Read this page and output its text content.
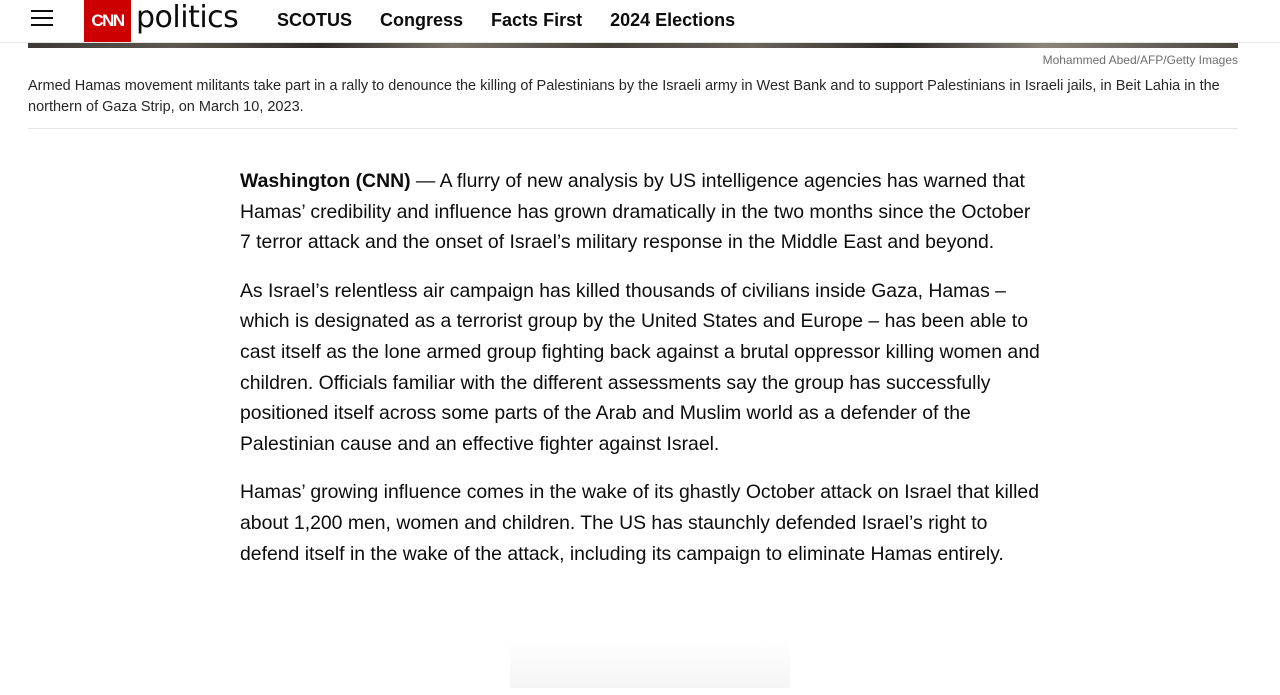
CNN politics SCOTUS Congress Facts First 2024 Elections
Mohammed Abed/AFP/Getty Images
Armed Hamas movement militants take part in a rally to denounce the killing of Palestinians by the Israeli army in West Bank and to support Palestinians in Israeli jails, in Beit Lahia in the northern of Gaza Strip, on March 10, 2023.

Washington (CNN) — A flurry of new analysis by US intelligence agencies has warned that Hamas’ credibility and influence has grown dramatically in the two months since the October 7 terror attack and the onset of Israel’s military response in the Middle East and beyond.

As Israel’s relentless air campaign has killed thousands of civilians inside Gaza, Hamas – which is designated as a terrorist group by the United States and Europe – has been able to cast itself as the lone armed group fighting back against a brutal oppressor killing women and children. Officials familiar with the different assessments say the group has successfully positioned itself across some parts of the Arab and Muslim world as a defender of the Palestinian cause and an effective fighter against Israel.

Hamas’ growing influence comes in the wake of its ghastly October attack on Israel that killed about 1,200 men, women and children. The US has staunchly defended Israel’s right to defend itself in the wake of the attack, including its campaign to eliminate Hamas entirely.
